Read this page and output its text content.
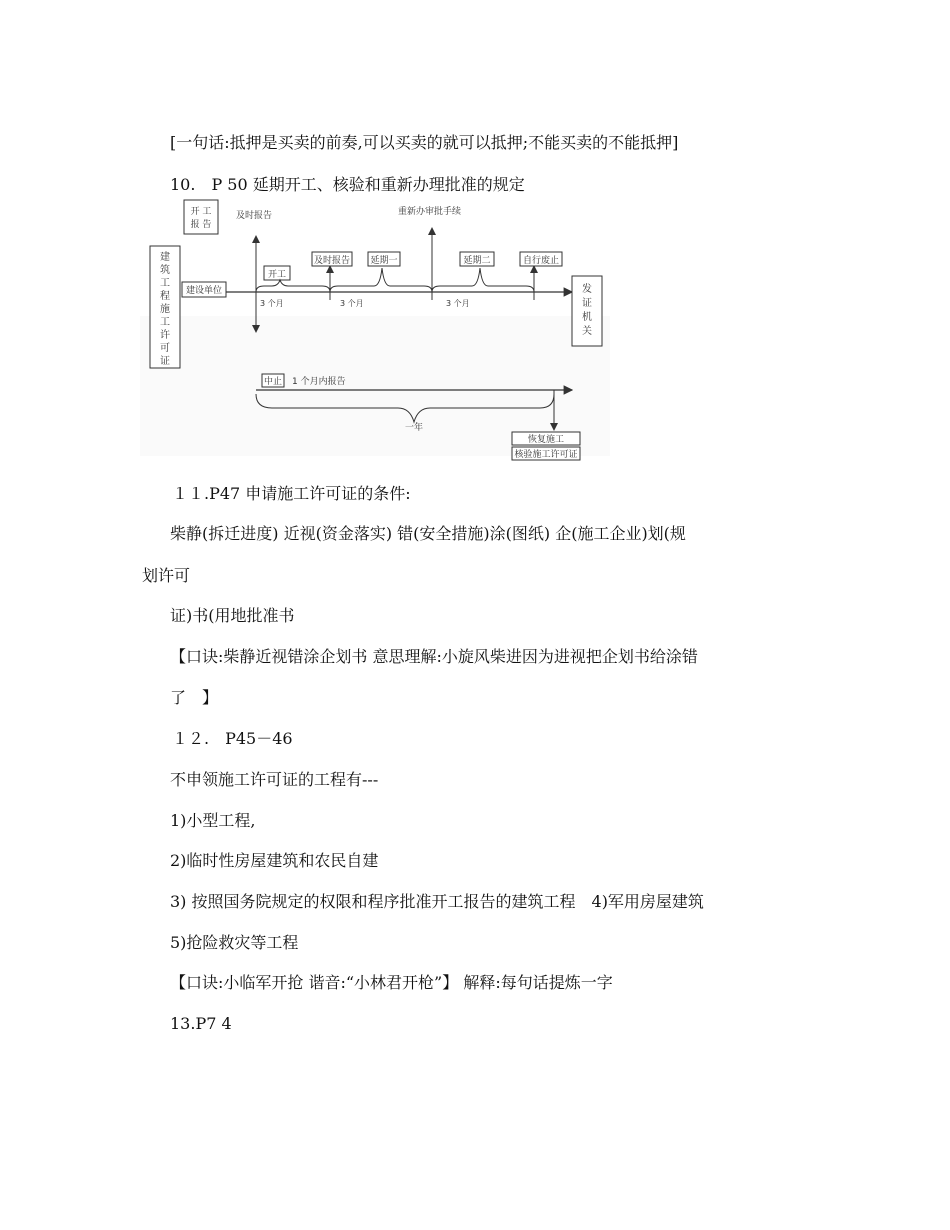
[一句话:抵押是买卖的前奏,可以买卖的就可以抵押;不能买卖的不能抵押]
10.　P 50 延期开工、核验和重新办理批准的规定
开 工
报 告
及时报告	重新办审批手续
建
筑
工
程
施
工
许
可
证
建设单位
开工
及时报告 延期一	延期二	自行废止
3 个月	3 个月	3 个月
发
证
机
关
中止 1 个月内报告
一年
恢复施工
核验施工许可证
１１.P47 申请施工许可证的条件:
柴静(拆迁进度) 近视(资金落实) 错(安全措施)涂(图纸) 企(施工企业)划(规
划许可
证)书(用地批准书
【口诀:柴静近视错涂企划书 意思理解:小旋风柴进因为进视把企划书给涂错
了　】
１２.　P45－46
不申领施工许可证的工程有---
1)小型工程,
2)临时性房屋建筑和农民自建
3) 按照国务院规定的权限和程序批准开工报告的建筑工程　4)军用房屋建筑
5)抢险救灾等工程
【口诀:小临军开抢 谐音:“小林君开枪”】 解释:每句话提炼一字
13.P7 4
